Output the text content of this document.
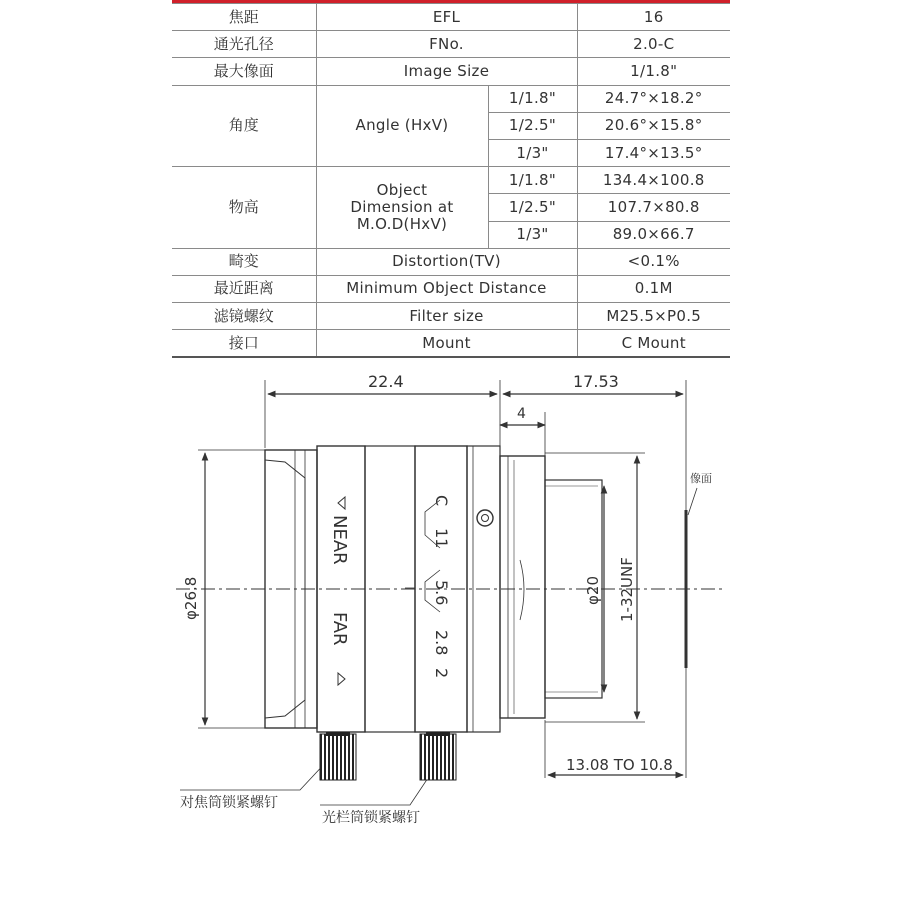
焦距	EFL		16
通光孔径	FNo.		2.0-C
最大像面	Image Size		1/1.8"
角度	Angle (HxV)	1/1.8"	24.7°×18.2°
		1/2.5"	20.6°×15.8°
		1/3"	17.4°×13.5°
物高	Object
Dimension at
M.O.D(HxV)	1/1.8"	134.4×100.8
		1/2.5"	107.7×80.8
		1/3"	89.0×66.7
畸变	Distortion(TV)		<0.1%
最近距离	Minimum Object Distance		0.1M
滤镜螺纹	Filter size		M25.5×P0.5
接口	Mount		C Mount
22.4	17.53
4
φ26.8	φ20 1-32UNF
13.08 TO 10.8
像面
NEAR
FAR
C
11
5.6
2.8
2
对焦筒锁紧螺钉
光栏筒锁紧螺钉
